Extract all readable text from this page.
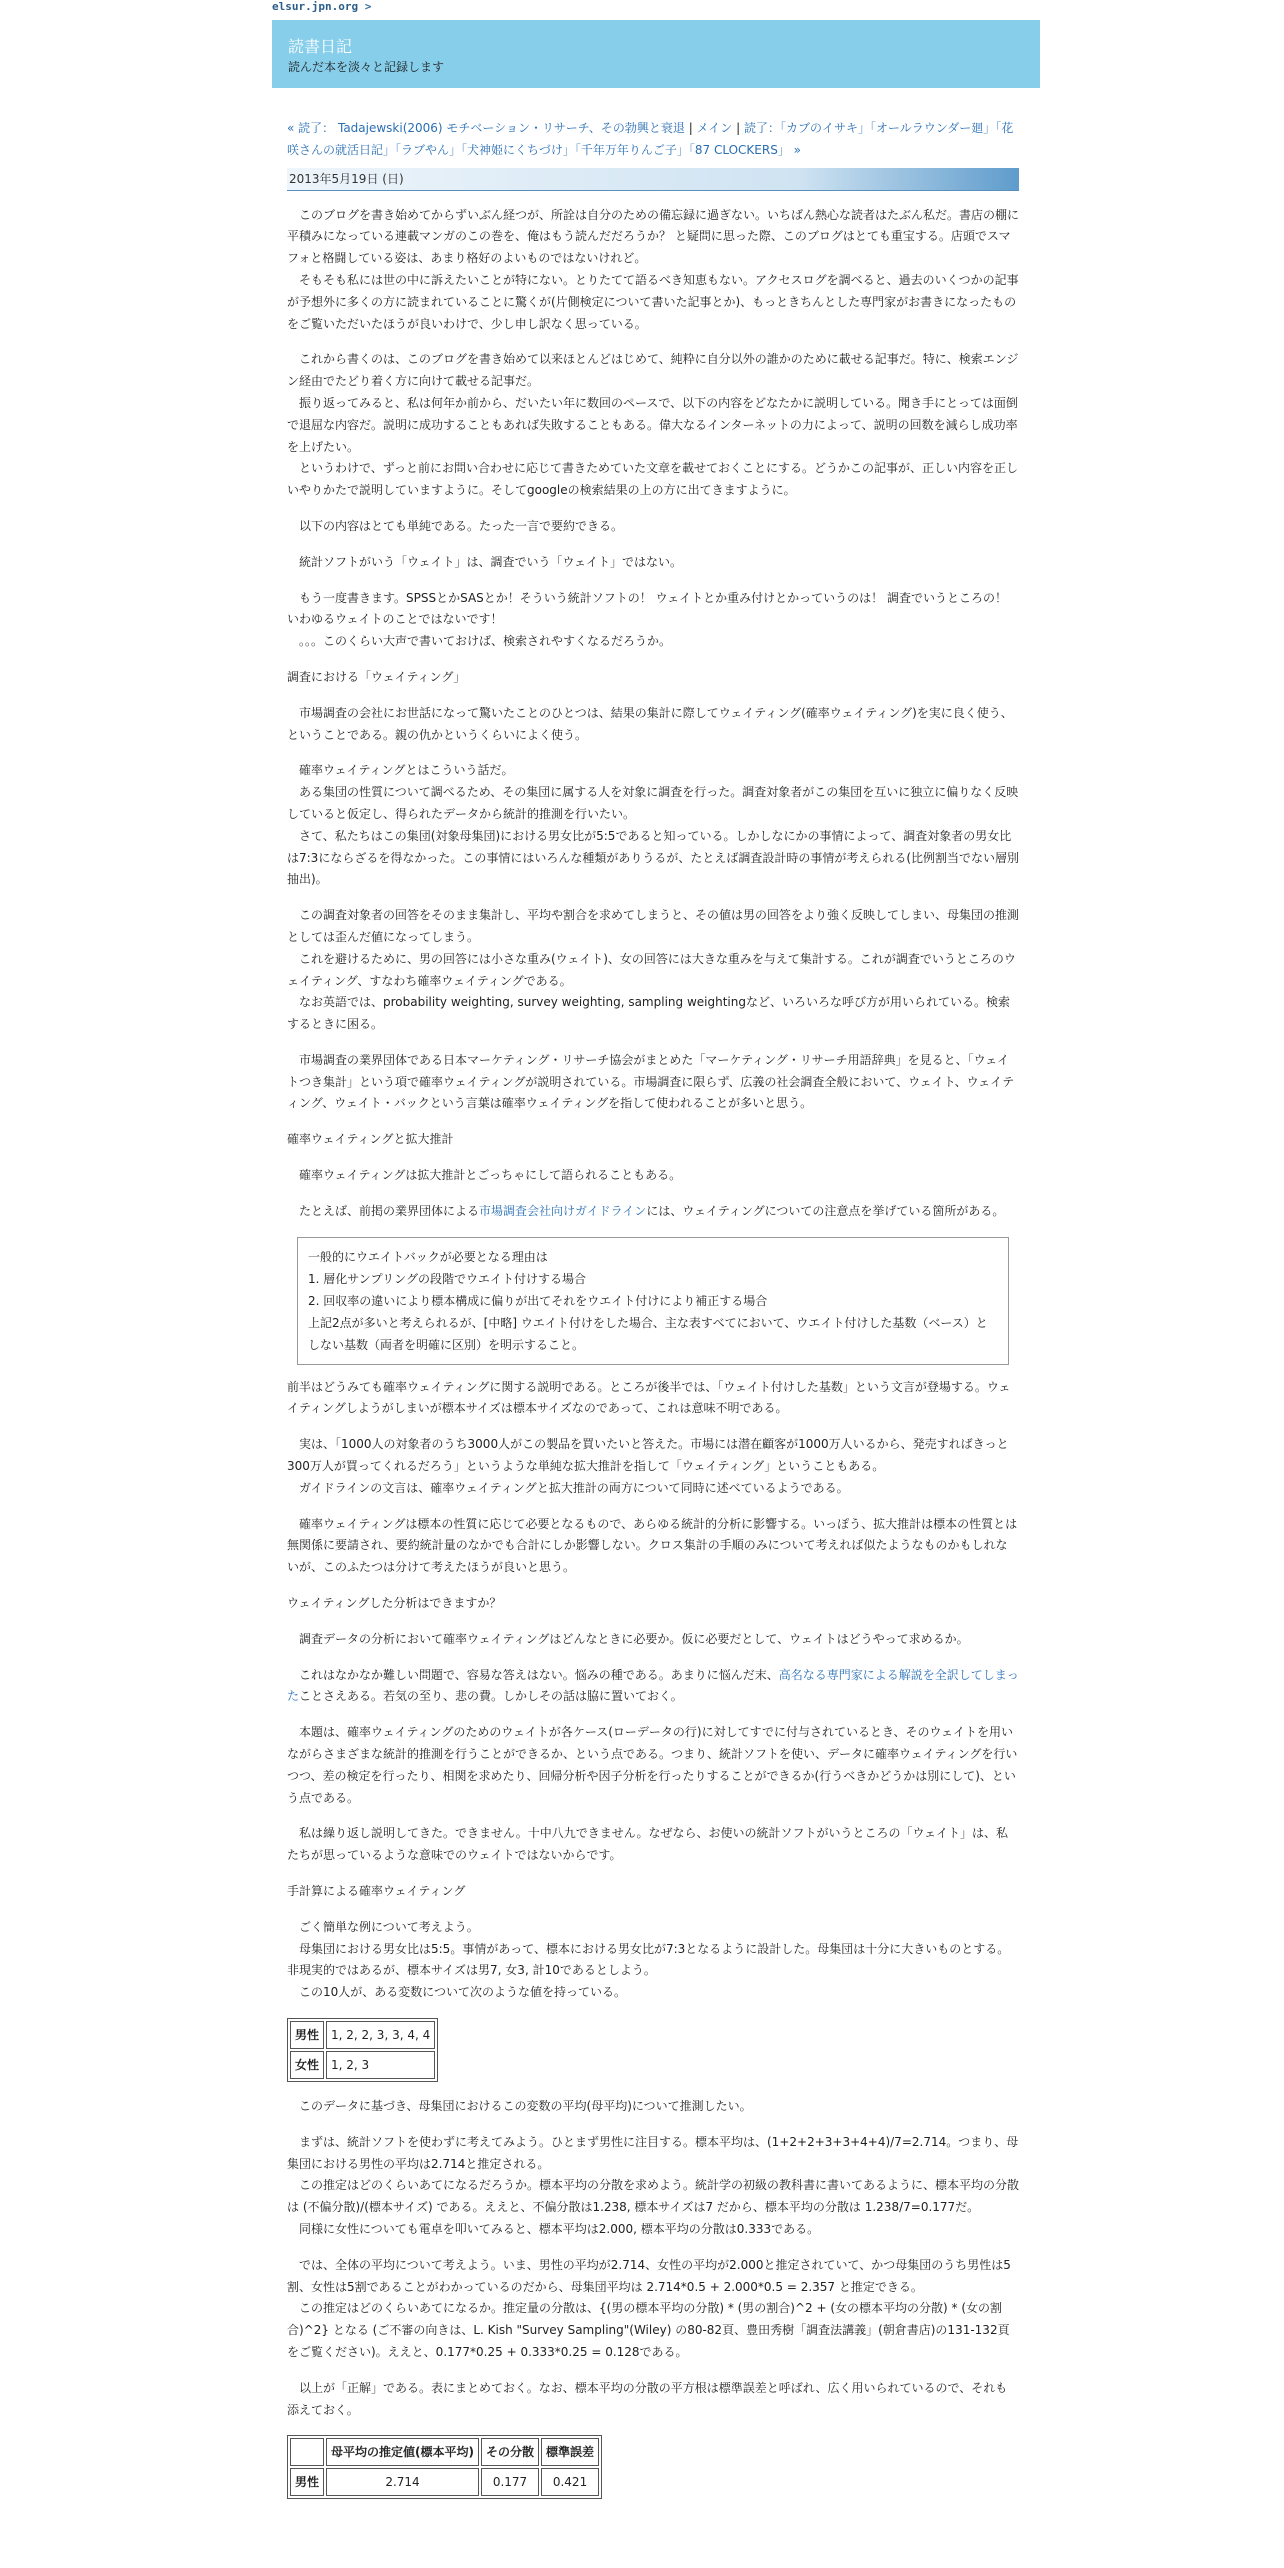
elsur.jpn.org >
読書日記
読んだ本を淡々と記録します
« 読了： Tadajewski(2006) モチベーション・リサーチ、その勃興と衰退 | メイン | 読了：「カブのイサキ」「オールラウンダー廻」「花咲さんの就活日記」「ラブやん」「犬神姫にくちづけ」「千年万年りんご子」「87 CLOCKERS」 »
2013年5月19日 (日)

　このブログを書き始めてからずいぶん経つが、所詮は自分のための備忘録に過ぎない。いちばん熱心な読者はたぶん私だ。書店の棚に平積みになっている連載マンガのこの巻を、俺はもう読んだだろうか？ と疑問に思った際、このブログはとても重宝する。店頭でスマフォと格闘している姿は、あまり格好のよいものではないけれど。
　そもそも私には世の中に訴えたいことが特にない。とりたてて語るべき知恵もない。アクセスログを調べると、過去のいくつかの記事が予想外に多くの方に読まれていることに驚くが(片側検定について書いた記事とか)、もっときちんとした専門家がお書きになったものをご覧いただいたほうが良いわけで、少し申し訳なく思っている。

　これから書くのは、このブログを書き始めて以来ほとんどはじめて、純粋に自分以外の誰かのために載せる記事だ。特に、検索エンジン経由でたどり着く方に向けて載せる記事だ。
　振り返ってみると、私は何年か前から、だいたい年に数回のペースで、以下の内容をどなたかに説明している。聞き手にとっては面倒で退屈な内容だ。説明に成功することもあれば失敗することもある。偉大なるインターネットの力によって、説明の回数を減らし成功率を上げたい。
　というわけで、ずっと前にお問い合わせに応じて書きためていた文章を載せておくことにする。どうかこの記事が、正しい内容を正しいやりかたで説明していますように。そしてgoogleの検索結果の上の方に出てきますように。

　以下の内容はとても単純である。たった一言で要約できる。

　統計ソフトがいう「ウェイト」は、調査でいう「ウェイト」ではない。

　もう一度書きます。SPSSとかSASとか！そういう統計ソフトの！ ウェイトとか重み付けとかっていうのは！ 調査でいうところの！ いわゆるウェイトのことではないです！
　。。。このくらい大声で書いておけば、検索されやすくなるだろうか。

調査における「ウェイティング」

　市場調査の会社にお世話になって驚いたことのひとつは、結果の集計に際してウェイティング(確率ウェイティング)を実に良く使う、ということである。親の仇かというくらいによく使う。

　確率ウェイティングとはこういう話だ。
　ある集団の性質について調べるため、その集団に属する人を対象に調査を行った。調査対象者がこの集団を互いに独立に偏りなく反映していると仮定し、得られたデータから統計的推測を行いたい。
　さて、私たちはこの集団(対象母集団)における男女比が5:5であると知っている。しかしなにかの事情によって、調査対象者の男女比は7:3にならざるを得なかった。この事情にはいろんな種類がありうるが、たとえば調査設計時の事情が考えられる(比例割当でない層別抽出)。

　この調査対象者の回答をそのまま集計し、平均や割合を求めてしまうと、その値は男の回答をより強く反映してしまい、母集団の推測としては歪んだ値になってしまう。
　これを避けるために、男の回答には小さな重み(ウェイト)、女の回答には大きな重みを与えて集計する。これが調査でいうところのウェイティング、すなわち確率ウェイティングである。
　なお英語では、probability weighting, survey weighting, sampling weightingなど、いろいろな呼び方が用いられている。検索するときに困る。

　市場調査の業界団体である日本マーケティング・リサーチ協会がまとめた「マーケティング・リサーチ用語辞典」を見ると、「ウェイトつき集計」という項で確率ウェイティングが説明されている。市場調査に限らず、広義の社会調査全般において、ウェイト、ウェイティング、ウェイト・バックという言葉は確率ウェイティングを指して使われることが多いと思う。

確率ウェイティングと拡大推計

　確率ウェイティングは拡大推計とごっちゃにして語られることもある。

　たとえば、前掲の業界団体による市場調査会社向けガイドラインには、ウェイティングについての注意点を挙げている箇所がある。

一般的にウエイトバックが必要となる理由は
1. 層化サンプリングの段階でウエイト付けする場合
2. 回収率の違いにより標本構成に偏りが出てそれをウエイト付けにより補正する場合
上記2点が多いと考えられるが、[中略] ウエイト付けをした場合、主な表すべてにおいて、ウエイト付けした基数（ベース）としない基数（両者を明確に区別）を明示すること。

前半はどうみても確率ウェイティングに関する説明である。ところが後半では、「ウェイト付けした基数」という文言が登場する。ウェイティングしようがしまいが標本サイズは標本サイズなのであって、これは意味不明である。

　実は、「1000人の対象者のうち3000人がこの製品を買いたいと答えた。市場には潜在顧客が1000万人いるから、発売すればきっと300万人が買ってくれるだろう」というような単純な拡大推計を指して「ウェイティング」ということもある。
　ガイドラインの文言は、確率ウェイティングと拡大推計の両方について同時に述べているようである。

　確率ウェイティングは標本の性質に応じて必要となるもので、あらゆる統計的分析に影響する。いっぽう、拡大推計は標本の性質とは無関係に要請され、要約統計量のなかでも合計にしか影響しない。クロス集計の手順のみについて考えれば似たようなものかもしれないが、このふたつは分けて考えたほうが良いと思う。

ウェイティングした分析はできますか？

　調査データの分析において確率ウェイティングはどんなときに必要か。仮に必要だとして、ウェイトはどうやって求めるか。

　これはなかなか難しい問題で、容易な答えはない。悩みの種である。あまりに悩んだ末、高名なる専門家による解説を全訳してしまったことさえある。若気の至り、悲の費。しかしその話は脇に置いておく。

　本題は、確率ウェイティングのためのウェイトが各ケース(ローデータの行)に対してすでに付与されているとき、そのウェイトを用いながらさまざまな統計的推測を行うことができるか、という点である。つまり、統計ソフトを使い、データに確率ウェイティングを行いつつ、差の検定を行ったり、相関を求めたり、回帰分析や因子分析を行ったりすることができるか(行うべきかどうかは別にして)、という点である。

　私は繰り返し説明してきた。できません。十中八九できません。なぜなら、お使いの統計ソフトがいうところの「ウェイト」は、私たちが思っているような意味でのウェイトではないからです。

手計算による確率ウェイティング

　ごく簡単な例について考えよう。
　母集団における男女比は5:5。事情があって、標本における男女比が7:3となるように設計した。母集団は十分に大きいものとする。非現実的ではあるが、標本サイズは男7, 女3, 計10であるとしよう。
　この10人が、ある変数について次のような値を持っている。

男性	1, 2, 2, 3, 3, 4, 4
女性	1, 2, 3

　このデータに基づき、母集団におけるこの変数の平均(母平均)について推測したい。

　まずは、統計ソフトを使わずに考えてみよう。ひとまず男性に注目する。標本平均は、(1+2+2+3+3+4+4)/7=2.714。つまり、母集団における男性の平均は2.714と推定される。
　この推定はどのくらいあてになるだろうか。標本平均の分散を求めよう。統計学の初級の教科書に書いてあるように、標本平均の分散は (不偏分散)/(標本サイズ) である。ええと、不偏分散は1.238, 標本サイズは7 だから、標本平均の分散は 1.238/7=0.177だ。
　同様に女性についても電卓を叩いてみると、標本平均は2.000, 標本平均の分散は0.333である。

　では、全体の平均について考えよう。いま、男性の平均が2.714、女性の平均が2.000と推定されていて、かつ母集団のうち男性は5割、女性は5割であることがわかっているのだから、母集団平均は 2.714*0.5 + 2.000*0.5 = 2.357 と推定できる。
　この推定はどのくらいあてになるか。推定量の分散は、{(男の標本平均の分散) * (男の割合)^2 + (女の標本平均の分散) * (女の割合)^2} となる (ご不審の向きは、L. Kish "Survey Sampling"(Wiley) の80-82頁、豊田秀樹「調査法講義」(朝倉書店)の131-132頁をご覧ください)。ええと、0.177*0.25 + 0.333*0.25 = 0.128である。

　以上が「正解」である。表にまとめておく。なお、標本平均の分散の平方根は標準誤差と呼ばれ、広く用いられているので、それも添えておく。

	母平均の推定値(標本平均)	その分散	標準誤差
男性	2.714	0.177	0.421
